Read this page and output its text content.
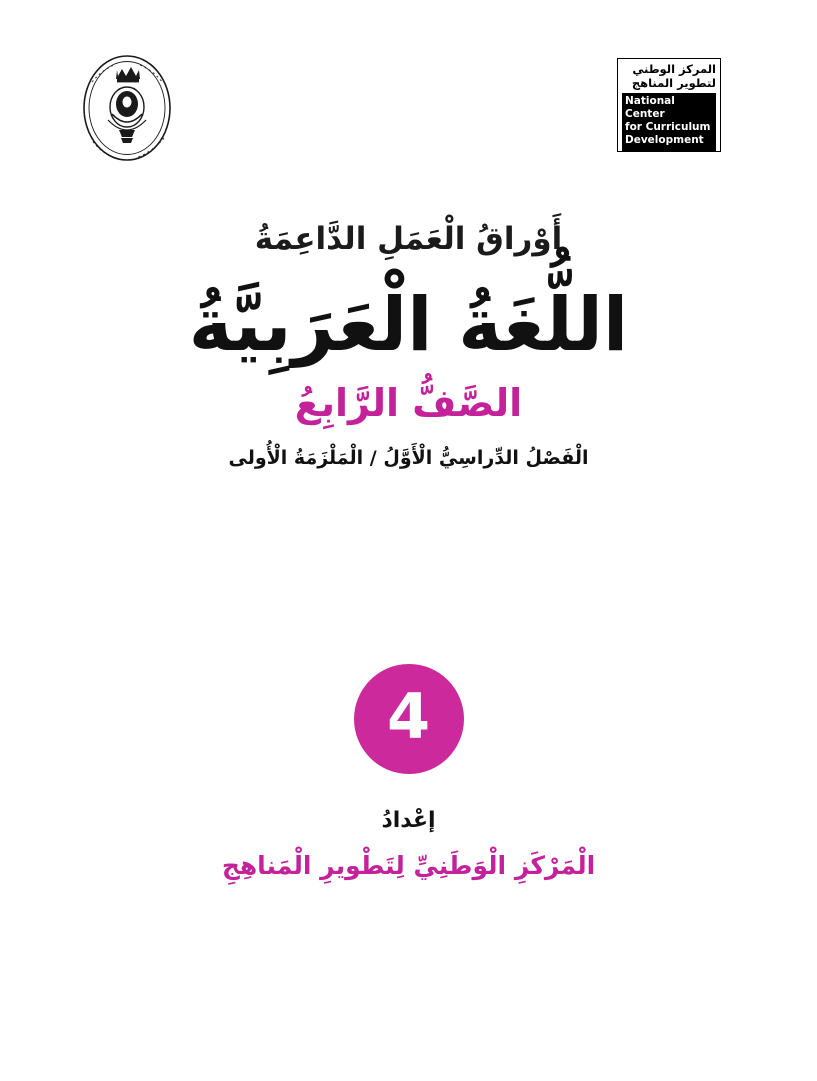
المركز الوطني
لتطوير المناهج
National Center
for Curriculum
Development
أَوْراقُ الْعَمَلِ الدَّاعِمَةُ
اللُّغَةُ الْعَرَبِيَّةُ
الصَّفُّ الرَّابِعُ
الْفَصْلُ الدِّراسِيُّ الْأَوَّلُ / الْمَلْزَمَةُ الْأُولى
4
إعْدادُ
الْمَرْكَزِ الْوَطَنِيِّ لِتَطْويرِ الْمَناهِجِ
